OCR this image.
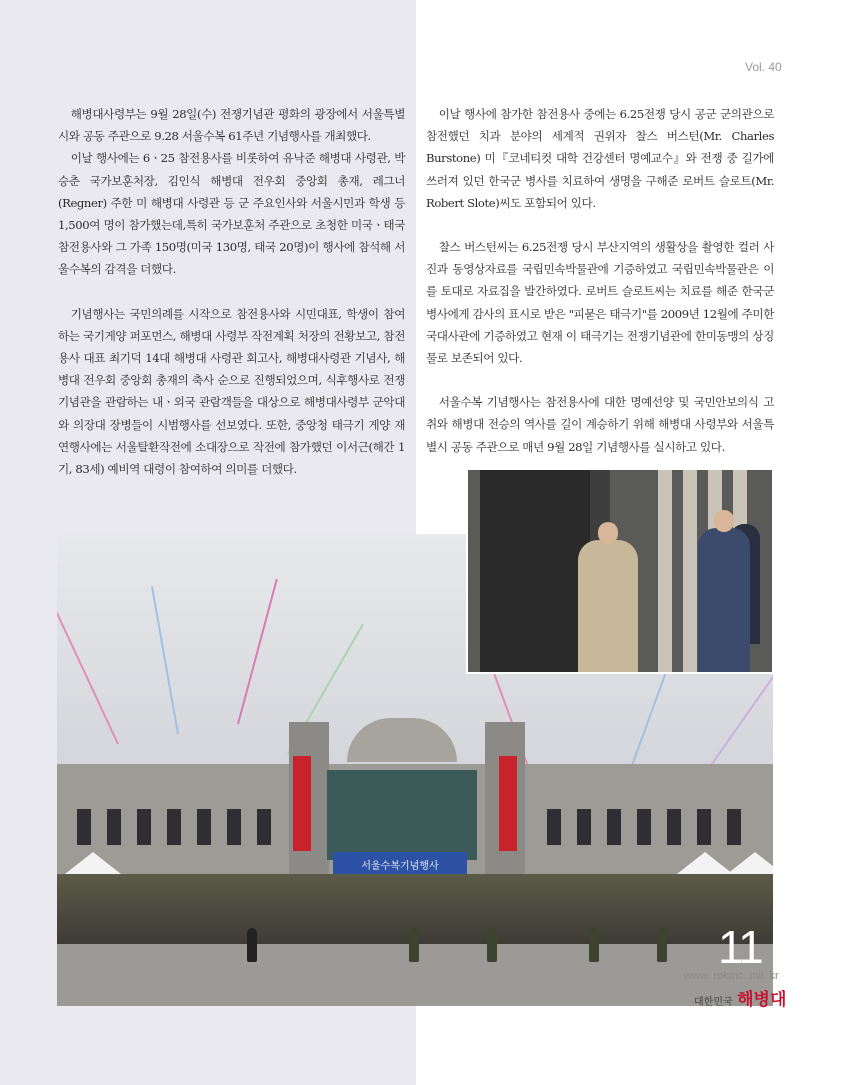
Vol. 40

해병대사령부는 9월 28일(수) 전쟁기념관 평화의 광장에서 서울특별시와 공동 주관으로 9.28 서울수복 61주년 기념행사를 개최했다.

이날 행사에는 6ㆍ25 참전용사를 비롯하여 유낙준 해병대 사령관, 박승춘 국가보훈처장, 김인식 해병대 전우회 중앙회 총재, 레그너(Regner) 주한 미 해병대 사령관 등 군 주요인사와 서울시민과 학생 등 1,500여 명이 참가했는데,특히 국가보훈처 주관으로 초청한 미국ㆍ태국 참전용사와 그 가족 150명(미국 130명, 태국 20명)이 행사에 참석해 서울수복의 감격을 더했다.

기념행사는 국민의례를 시작으로 참전용사와 시민대표, 학생이 참여하는 국기게양 퍼포먼스, 해병대 사령부 작전계획 처장의 전황보고, 참전용사 대표 최기덕 14대 해병대 사령관 회고사, 해병대사령관 기념사, 해병대 전우회 중앙회 총재의 축사 순으로 진행되었으며, 식후행사로 전쟁기념관을 관람하는 내ㆍ외국 관람객들을 대상으로 해병대사령부 군악대와 의장대 장병들이 시범행사를 선보였다. 또한, 중앙청 태극기 게양 재연행사에는 서울탈환작전에 소대장으로 작전에 참가했던 이서근(해간 1기, 83세) 예비역 대령이 참여하여 의미를 더했다.

이날 행사에 참가한 참전용사 중에는 6.25전쟁 당시 공군 군의관으로 참전했던 치과 분야의 세계적 권위자 찰스 버스턴(Mr. Charles Burstone) 미『코네티컷 대학 건강센터 명예교수』와 전쟁 중 길가에 쓰러져 있던 한국군 병사를 치료하여 생명을 구해준 로버트 슬로트(Mr. Robert Slote)씨도 포함되어 있다.

찰스 버스턴씨는 6.25전쟁 당시 부산지역의 생활상을 촬영한 컬러 사진과 동영상자료를 국립민속박물관에 기증하였고 국립민속박물관은 이를 토대로 자료집을 발간하였다. 로버트 슬로트씨는 치료를 해준 한국군 병사에게 감사의 표시로 받은 "피묻은 태극기"를 2009년 12월에 주미한국대사관에 기증하였고 현재 이 태극기는 전쟁기념관에 한미동맹의 상징물로 보존되어 있다.

서울수복 기념행사는 참전용사에 대한 명예선양 및 국민안보의식 고취와 해병대 전승의 역사를 길이 계승하기 위해 해병대 사령부와 서울특별시 공동 주관으로 매년 9월 28일 기념행사를 실시하고 있다.

서울수복기념행사
11
www. rokmc. mil. kr
대한민국 해병대
